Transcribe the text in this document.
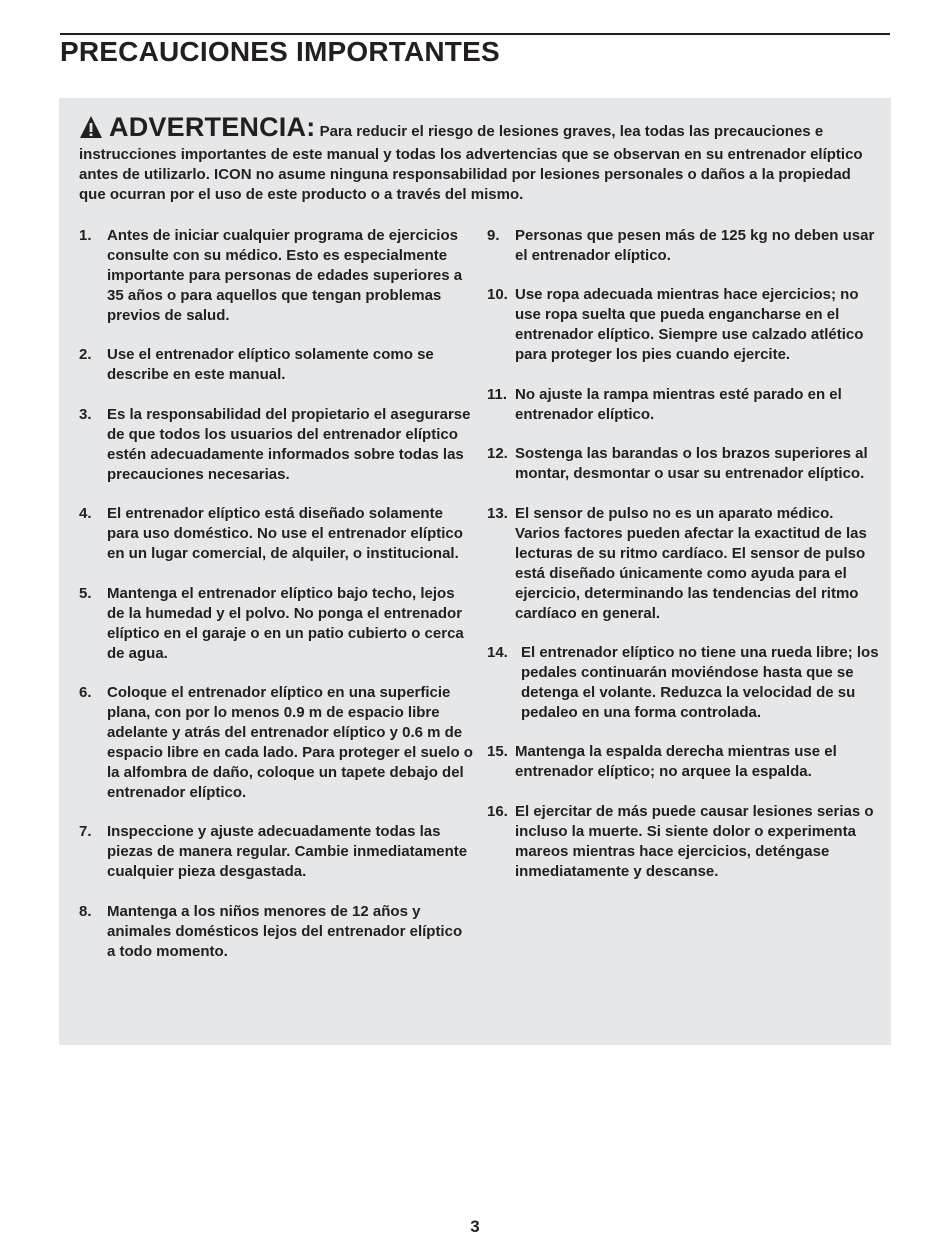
PRECAUCIONES IMPORTANTES
ADVERTENCIA: Para reducir el riesgo de lesiones graves, lea todas las precauciones e instrucciones importantes de este manual y todas los advertencias que se observan en su entrenador elíptico antes de utilizarlo. ICON no asume ninguna responsabilidad por lesiones personales o daños a la propiedad que ocurran por el uso de este producto o a través del mismo.
1.	Antes de iniciar cualquier programa de ejercicios consulte con su médico. Esto es especialmente importante para personas de edades superiores a 35 años o para aquellos que tengan problemas previos de salud.
2.	Use el entrenador elíptico solamente como se describe en este manual.
3.	Es la responsabilidad del propietario el asegurarse de que todos los usuarios del entrenador elíptico estén adecuadamente informados sobre todas las precauciones necesarias.
4.	El entrenador elíptico está diseñado solamente para uso doméstico. No use el entrenador elíptico en un lugar comercial, de alquiler, o institucional.
5.	Mantenga el entrenador elíptico bajo techo, lejos de la humedad y el polvo. No ponga el entrenador elíptico en el garaje o en un patio cubierto o cerca de agua.
6.	Coloque el entrenador elíptico en una superficie plana, con por lo menos 0.9 m de espacio libre adelante y atrás del entrenador elíptico y 0.6 m de espacio libre en cada lado. Para proteger el suelo o la alfombra de daño, coloque un tapete debajo del entrenador elíptico.
7.	Inspeccione y ajuste adecuadamente todas las piezas de manera regular. Cambie inmediatamente cualquier pieza desgastada.
8.	Mantenga a los niños menores de 12 años y animales domésticos lejos del entrenador elíptico a todo momento.
9.	Personas que pesen más de 125 kg no deben usar el entrenador elíptico.
10. Use ropa adecuada mientras hace ejercicios; no use ropa suelta que pueda engancharse en el entrenador elíptico. Siempre use calzado atlético para proteger los pies cuando ejercite.
11. No ajuste la rampa mientras esté parado en el entrenador elíptico.
12. Sostenga las barandas o los brazos superiores al montar, desmontar o usar su entrenador elíptico.
13. El sensor de pulso no es un aparato médico. Varios factores pueden afectar la exactitud de las lecturas de su ritmo cardíaco. El sensor de pulso está diseñado únicamente como ayuda para el ejercicio, determinando las tendencias del ritmo cardíaco en general.
14. El entrenador elíptico no tiene una rueda libre; los pedales continuarán moviéndose hasta que se detenga el volante. Reduzca la velocidad de su pedaleo en una forma controlada.
15. Mantenga la espalda derecha mientras use el entrenador elíptico; no arquee la espalda.
16. El ejercitar de más puede causar lesiones serias o incluso la muerte. Si siente dolor o experimenta mareos mientras hace ejercicios, deténgase inmediatamente y descanse.
3
